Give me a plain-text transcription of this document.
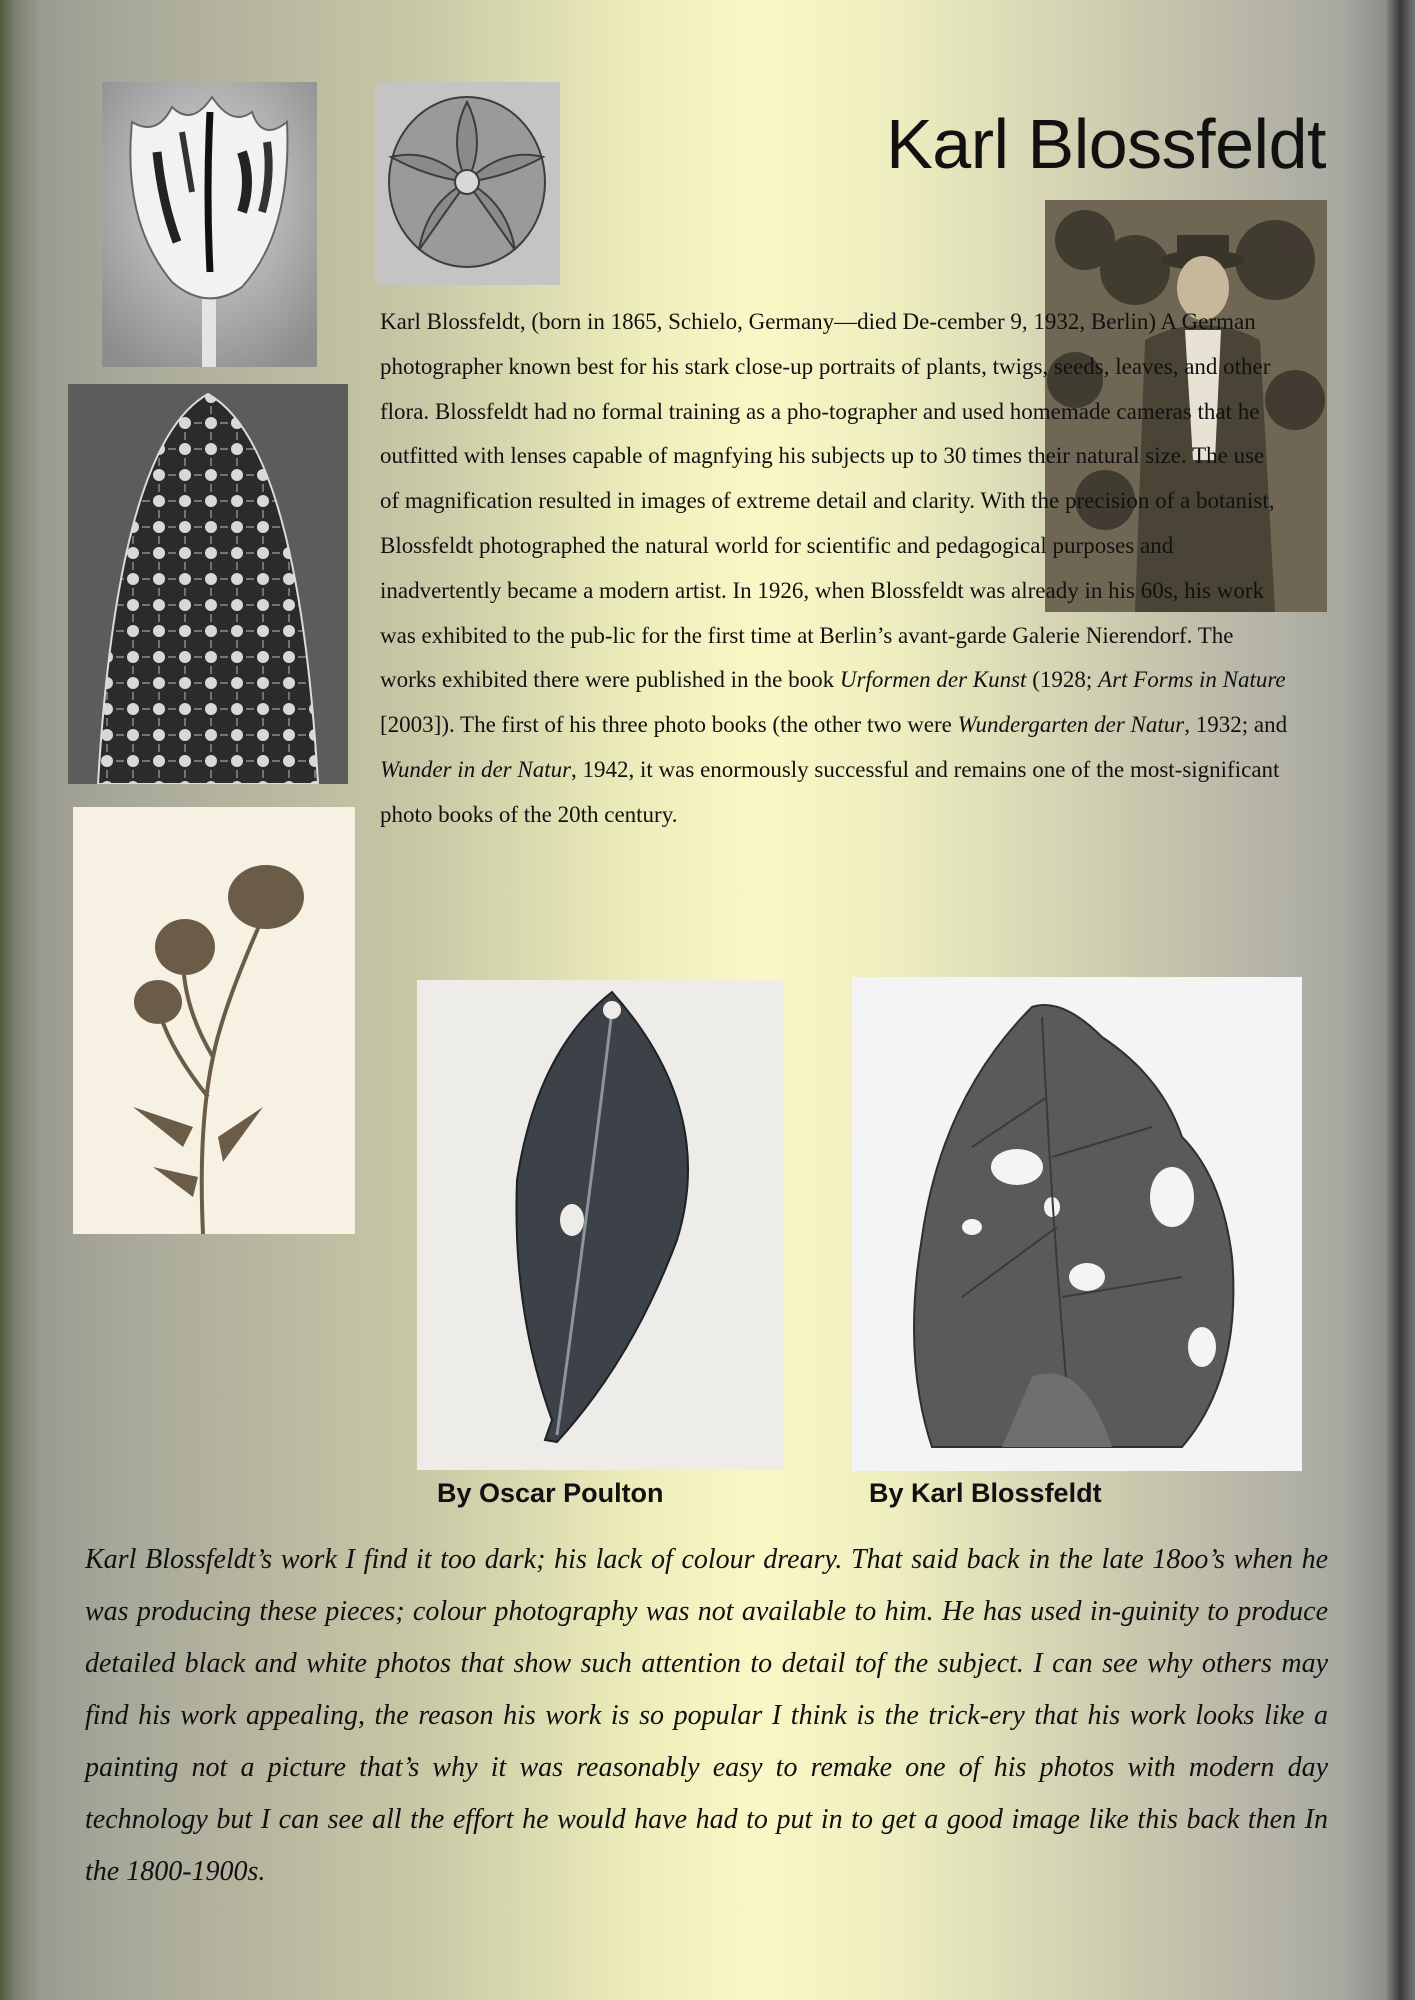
Karl Blossfeldt

Karl Blossfeldt, (born in 1865, Schielo, Germany—died De-cember 9, 1932, Berlin) A German photographer known best for his stark close-up portraits of plants, twigs, seeds, leaves, and other flora. Blossfeldt had no formal training as a pho-tographer and used homemade cameras that he outfitted with lenses capable of magnfying his subjects up to 30 times their natural size. The use of magnification resulted in images of extreme detail and clarity. With the precision of a botanist, Blossfeldt photographed the natural world for scientific and pedagogical purposes and inadvertently became a modern artist. In 1926, when Blossfeldt was already in his 60s, his work was exhibited to the pub-lic for the first time at Berlin’s avant-garde Galerie Nierendorf. The works exhibited there were published in the book Urformen der Kunst (1928; Art Forms in Nature [2003]). The first of his three photo books (the other two were Wundergarten der Natur, 1932; and Wunder in der Natur, 1942, it was enormously successful and remains one of the most-significant photo books of the 20th century.

By Oscar Poulton	By Karl Blossfeldt

Karl Blossfeldt’s work I find it too dark; his lack of colour dreary. That said back in the late 18oo’s when he was producing these pieces; colour photography was not available to him. He has used in-guinity to produce detailed black and white photos that show such attention to detail tof the subject. I can see why others may find his work appealing, the reason his work is so popular I think is the trick-ery that his work looks like a painting not a picture that’s why it was reasonably easy to remake one of his photos with modern day technology but I can see all the effort he would have had to put in to get a good image like this back then In the 1800-1900s.
